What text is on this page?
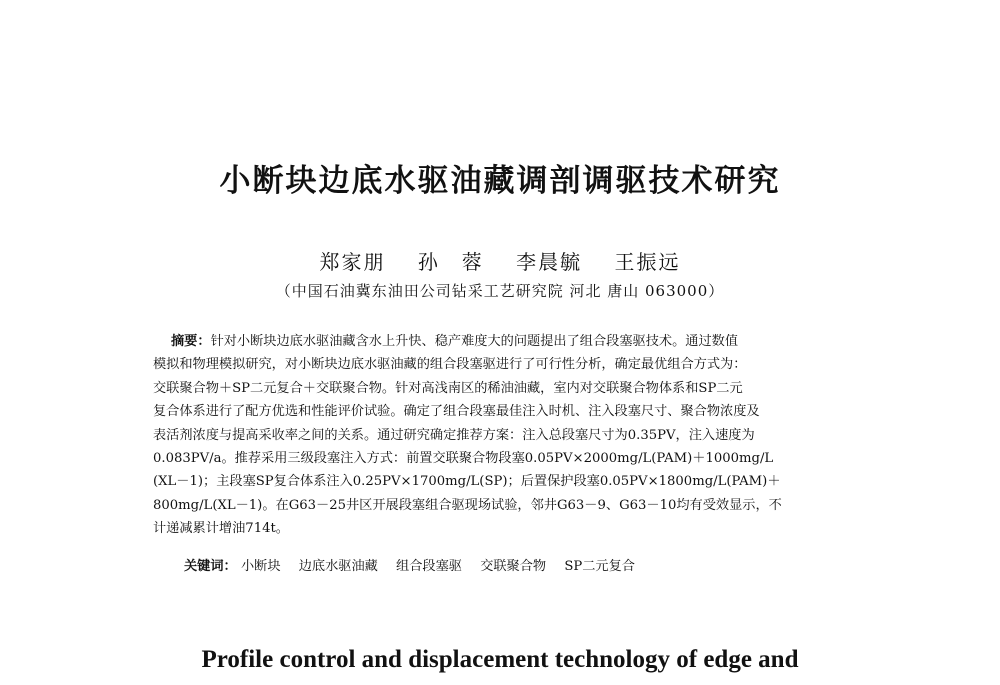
小断块边底水驱油藏调剖调驱技术研究
郑家朋 孙　蓉 李晨毓 王振远
（中国石油冀东油田公司钻采工艺研究院 河北 唐山 063000）
摘要：针对小断块边底水驱油藏含水上升快、稳产难度大的问题提出了组合段塞驱技术。通过数值
模拟和物理模拟研究，对小断块边底水驱油藏的组合段塞驱进行了可行性分析，确定最优组合方式为：
交联聚合物＋SP二元复合＋交联聚合物。针对高浅南区的稀油油藏，室内对交联聚合物体系和SP二元
复合体系进行了配方优选和性能评价试验。确定了组合段塞最佳注入时机、注入段塞尺寸、聚合物浓度及
表活剂浓度与提高采收率之间的关系。通过研究确定推荐方案：注入总段塞尺寸为0.35PV，注入速度为
0.083PV/a。推荐采用三级段塞注入方式：前置交联聚合物段塞0.05PV×2000mg/L(PAM)＋1000mg/L
(XL－1)；主段塞SP复合体系注入0.25PV×1700mg/L(SP)；后置保护段塞0.05PV×1800mg/L(PAM)＋
800mg/L(XL－1)。在G63－25井区开展段塞组合驱现场试验，邻井G63－9、G63－10均有受效显示，不
计递减累计增油714t。
关键词： 小断块 边底水驱油藏 组合段塞驱 交联聚合物 SP二元复合
Profile control and displacement technology of edge and
